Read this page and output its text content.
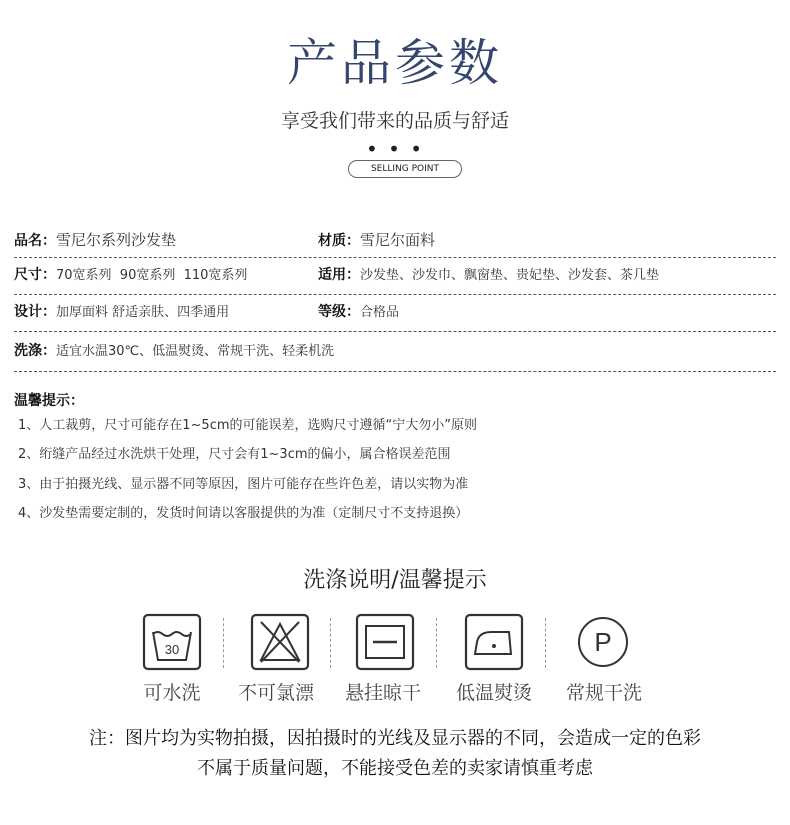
产品参数
享受我们带来的品质与舒适
• • •
SELLING POINT
品名：雪尼尔系列沙发垫	材质：雪尼尔面料
尺寸：70宽系列  90宽系列  110宽系列	适用：沙发垫、沙发巾、飘窗垫、贵妃垫、沙发套、茶几垫
设计：加厚面料 舒适亲肤、四季通用	等级：合格品
洗涤：适宜水温30℃、低温熨烫、常规干洗、轻柔机洗
温馨提示：
1、人工裁剪，尺寸可能存在1~5cm的可能误差，选购尺寸遵循“宁大勿小”原则
2、绗缝产品经过水洗烘干处理，尺寸会有1~3cm的偏小，属合格误差范围
3、由于拍摄光线、显示器不同等原因，图片可能存在些许色差，请以实物为准
4、沙发垫需要定制的，发货时间请以客服提供的为准（定制尺寸不支持退换）
洗涤说明/温馨提示
30	P
可水洗	不可氯漂	悬挂晾干	低温熨烫	常规干洗
注：图片均为实物拍摄，因拍摄时的光线及显示器的不同，会造成一定的色彩
不属于质量问题，不能接受色差的卖家请慎重考虑
